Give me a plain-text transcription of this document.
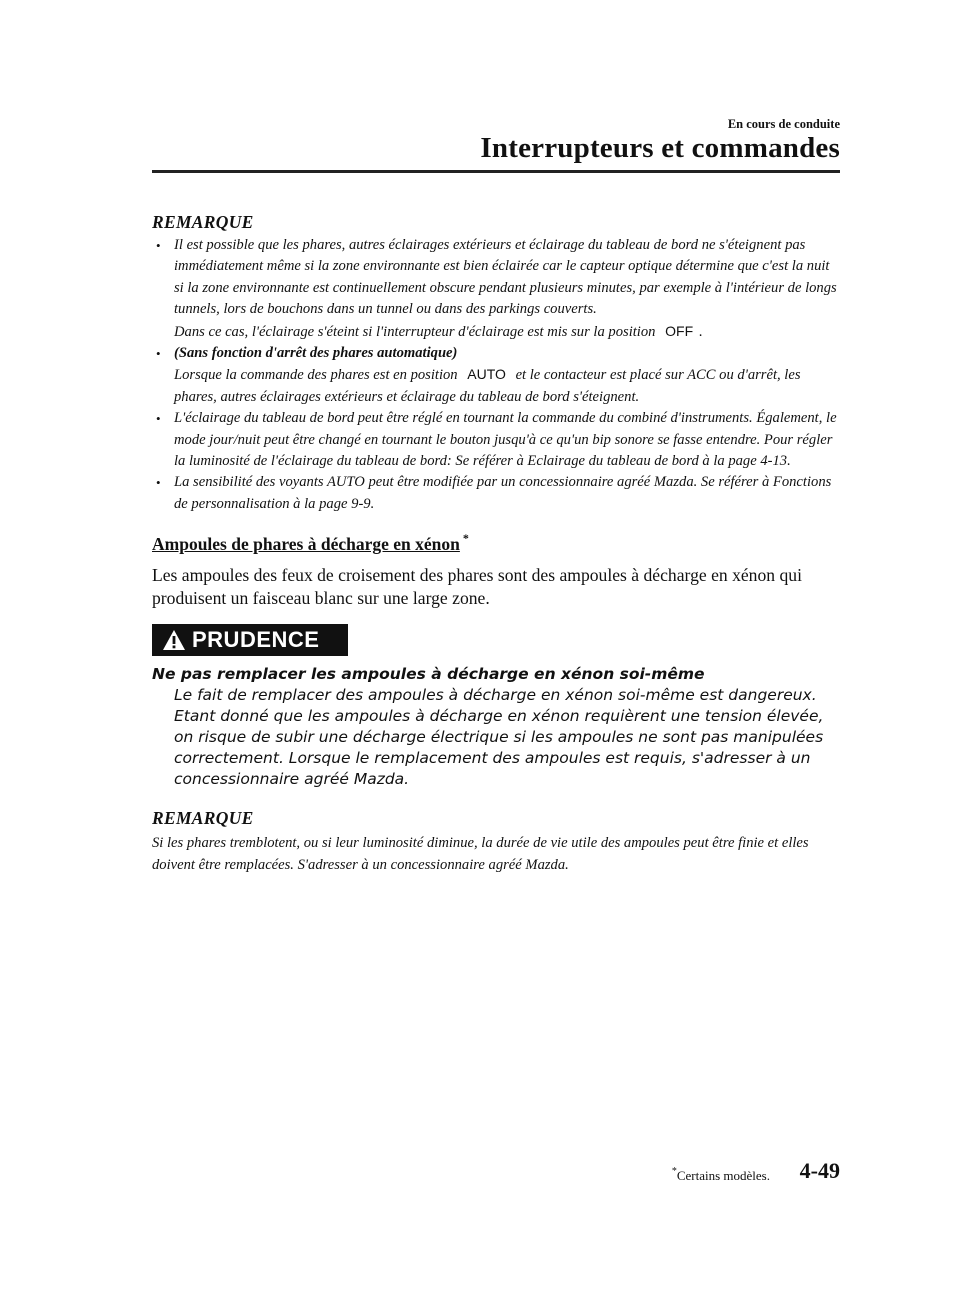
En cours de conduite
Interrupteurs et commandes
REMARQUE
• Il est possible que les phares, autres éclairages extérieurs et éclairage du tableau de bord ne s'éteignent pas immédiatement même si la zone environnante est bien éclairée car le capteur optique détermine que c'est la nuit si la zone environnante est continuellement obscure pendant plusieurs minutes, par exemple à l'intérieur de longs tunnels, lors de bouchons dans un tunnel ou dans des parkings couverts.
Dans ce cas, l'éclairage s'éteint si l'interrupteur d'éclairage est mis sur la position OFF .
• (Sans fonction d'arrêt des phares automatique)
Lorsque la commande des phares est en position AUTO et le contacteur est placé sur ACC ou d'arrêt, les phares, autres éclairages extérieurs et éclairage du tableau de bord s'éteignent.
• L'éclairage du tableau de bord peut être réglé en tournant la commande du combiné d'instruments. Également, le mode jour/nuit peut être changé en tournant le bouton jusqu'à ce qu'un bip sonore se fasse entendre. Pour régler la luminosité de l'éclairage du tableau de bord: Se référer à Eclairage du tableau de bord à la page 4-13.
• La sensibilité des voyants AUTO peut être modifiée par un concessionnaire agréé Mazda. Se référer à Fonctions de personnalisation à la page 9-9.
Ampoules de phares à décharge en xénon *
Les ampoules des feux de croisement des phares sont des ampoules à décharge en xénon qui produisent un faisceau blanc sur une large zone.
PRUDENCE
Ne pas remplacer les ampoules à décharge en xénon soi-même
Le fait de remplacer des ampoules à décharge en xénon soi-même est dangereux. Etant donné que les ampoules à décharge en xénon requièrent une tension élevée, on risque de subir une décharge électrique si les ampoules ne sont pas manipulées correctement. Lorsque le remplacement des ampoules est requis, s'adresser à un concessionnaire agréé Mazda.
REMARQUE
Si les phares tremblotent, ou si leur luminosité diminue, la durée de vie utile des ampoules peut être finie et elles doivent être remplacées. S'adresser à un concessionnaire agréé Mazda.
*Certains modèles. 4-49
